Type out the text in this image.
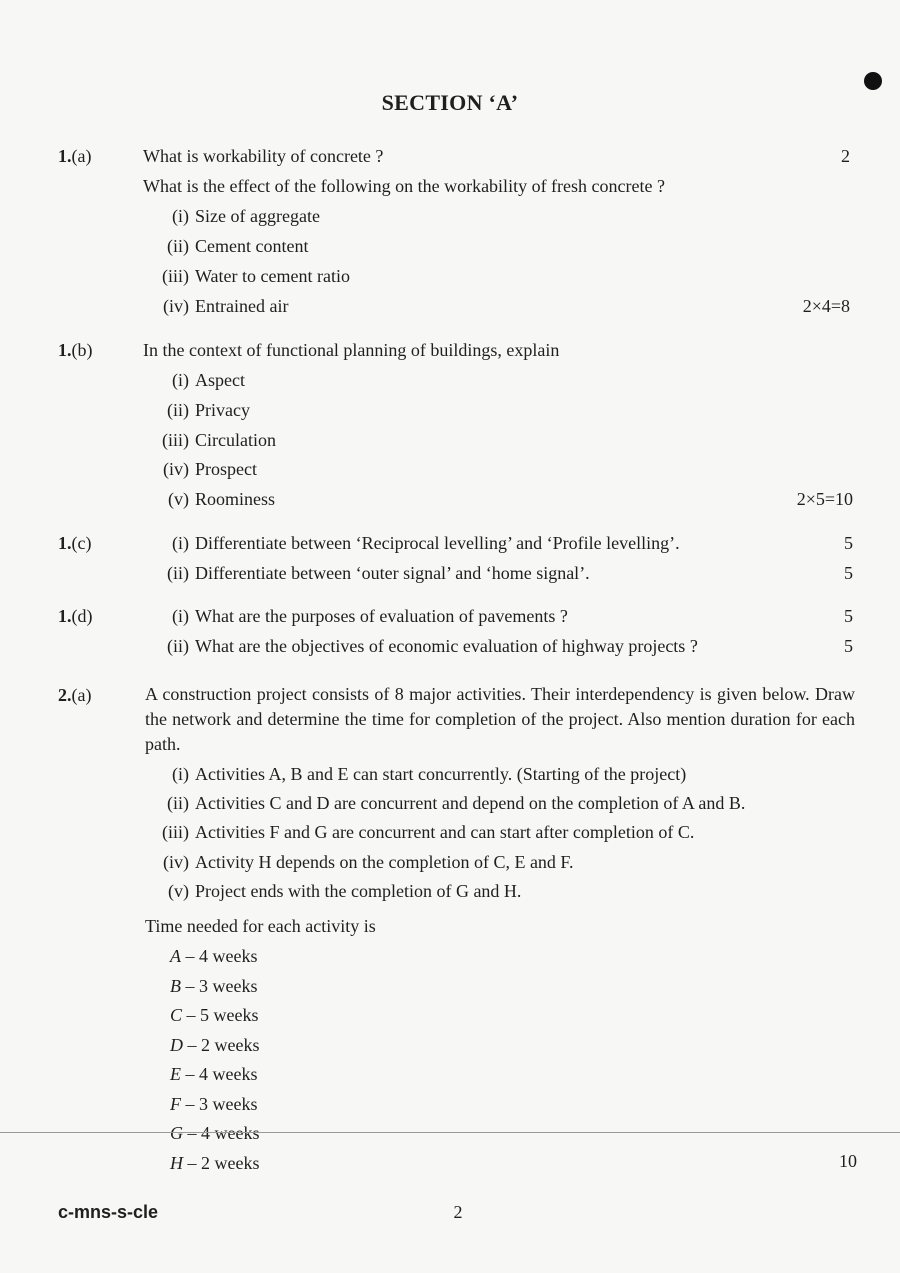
SECTION ‘A’
1.(a)	What is workability of concrete ?	2
What is the effect of the following on the workability of fresh concrete ?
(i) Size of aggregate
(ii) Cement content
(iii) Water to cement ratio
(iv) Entrained air	2×4=8
1.(b)	In the context of functional planning of buildings, explain
(i) Aspect
(ii) Privacy
(iii) Circulation
(iv) Prospect
(v) Roominess	2×5=10
1.(c)	(i) Differentiate between ‘Reciprocal levelling’ and ‘Profile levelling’.	5
(ii) Differentiate between ‘outer signal’ and ‘home signal’.	5
1.(d)	(i) What are the purposes of evaluation of pavements ?	5
(ii) What are the objectives of economic evaluation of highway projects ?	5
2.(a)	A construction project consists of 8 major activities. Their interdependency is given below. Draw the network and determine the time for completion of the project. Also mention duration for each path.
(i) Activities A, B and E can start concurrently. (Starting of the project)
(ii) Activities C and D are concurrent and depend on the completion of A and B.
(iii) Activities F and G are concurrent and can start after completion of C.
(iv) Activity H depends on the completion of C, E and F.
(v) Project ends with the completion of G and H.
Time needed for each activity is
A – 4 weeks
B – 3 weeks
C – 5 weeks
D – 2 weeks
E – 4 weeks
F – 3 weeks
G – 4 weeks
H – 2 weeks	10
c-mns-s-cle	2
